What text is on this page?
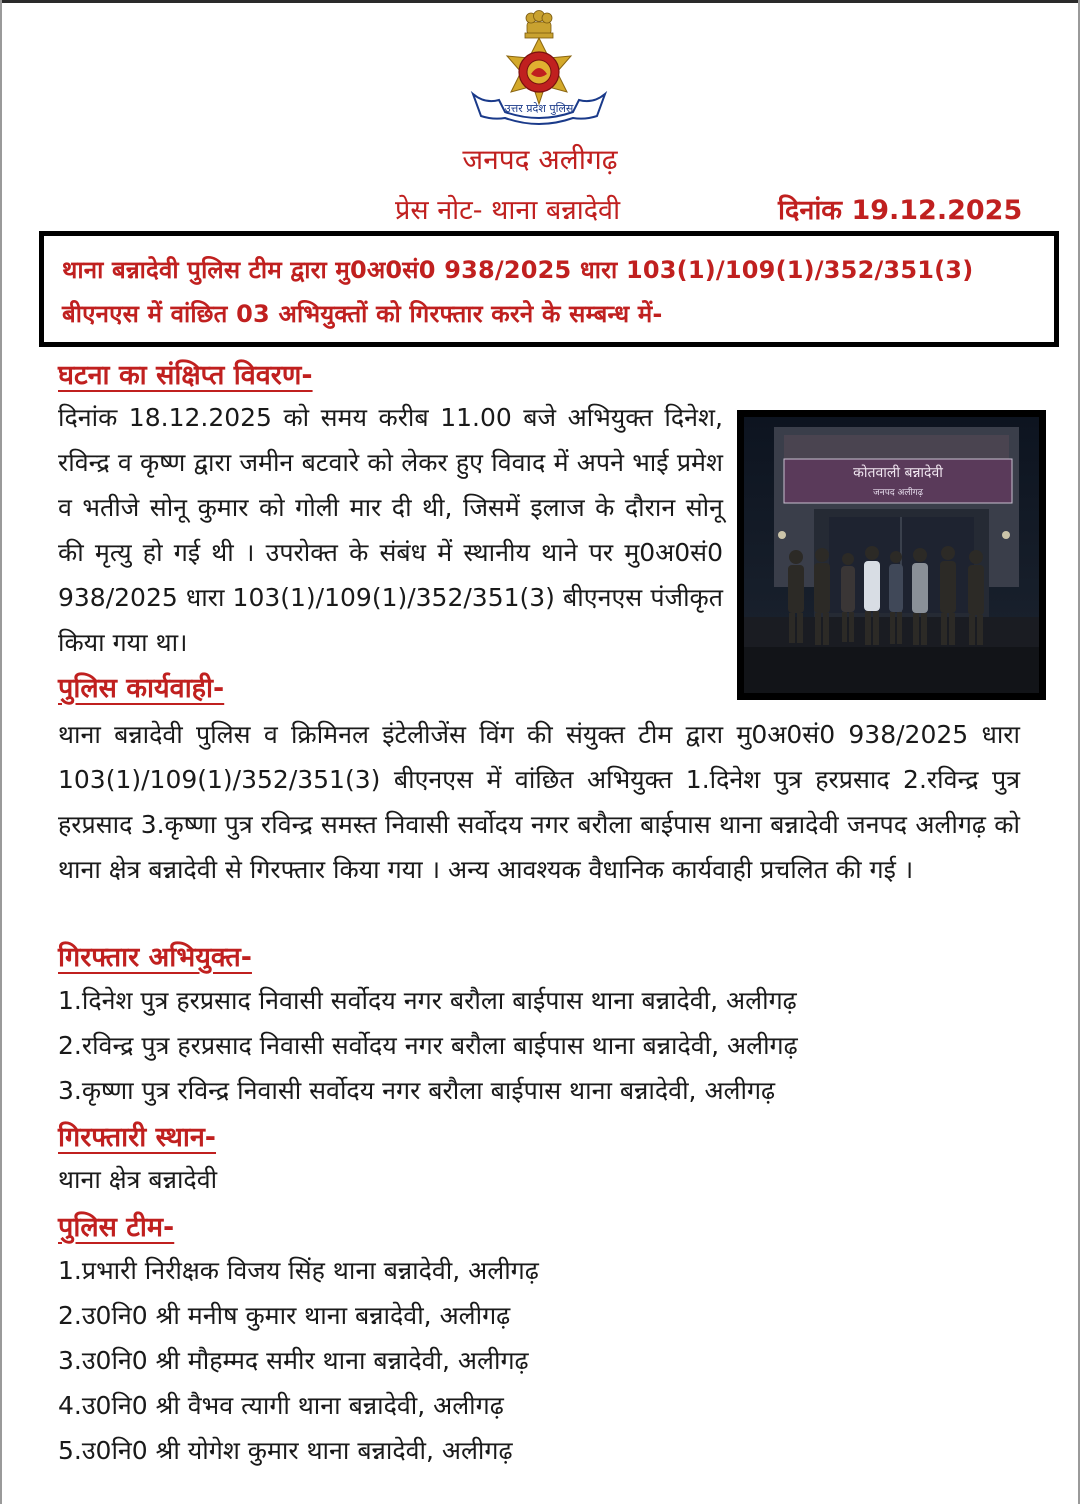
उत्तर प्रदेश पुलिस
जनपद अलीगढ़
प्रेस नोट- थाना बन्नादेवी	दिनांक 19.12.2025
थाना बन्नादेवी पुलिस टीम द्वारा मु0अ0सं0 938/2025 धारा 103(1)/109(1)/352/351(3) बीएनएस में वांछित 03 अभियुक्तों को गिरफ्तार करने के सम्बन्ध में-
घटना का संक्षिप्त विवरण-
दिनांक 18.12.2025 को समय करीब 11.00 बजे अभियुक्त दिनेश, रविन्द्र व कृष्ण द्वारा जमीन बटवारे को लेकर हुए विवाद में अपने भाई प्रमेश व भतीजे सोनू कुमार को गोली मार दी थी, जिसमें इलाज के दौरान सोनू की मृत्यु हो गई थी । उपरोक्त के संबंध में स्थानीय थाने पर मु0अ0सं0 938/2025 धारा 103(1)/109(1)/352/351(3) बीएनएस पंजीकृत किया गया था।
कोतवाली बन्नादेवी
जनपद अलीगढ़
पुलिस कार्यवाही-
थाना बन्नादेवी पुलिस व क्रिमिनल इंटेलीजेंस विंग की संयुक्त टीम द्वारा मु0अ0सं0 938/2025 धारा 103(1)/109(1)/352/351(3) बीएनएस में वांछित अभियुक्त 1.दिनेश पुत्र हरप्रसाद 2.रविन्द्र पुत्र हरप्रसाद 3.कृष्णा पुत्र रविन्द्र समस्त निवासी सर्वोदय नगर बरौला बाईपास थाना बन्नादेवी जनपद अलीगढ़ को थाना क्षेत्र बन्नादेवी से गिरफ्तार किया गया । अन्य आवश्यक वैधानिक कार्यवाही प्रचलित की गई ।
गिरफ्तार अभियुक्त-
1.दिनेश पुत्र हरप्रसाद निवासी सर्वोदय नगर बरौला बाईपास थाना बन्नादेवी, अलीगढ़
2.रविन्द्र पुत्र हरप्रसाद निवासी सर्वोदय नगर बरौला बाईपास थाना बन्नादेवी, अलीगढ़
3.कृष्णा पुत्र रविन्द्र निवासी सर्वोदय नगर बरौला बाईपास थाना बन्नादेवी, अलीगढ़
गिरफ्तारी स्थान-
थाना क्षेत्र बन्नादेवी
पुलिस टीम-
1.प्रभारी निरीक्षक विजय सिंह थाना बन्नादेवी, अलीगढ़
2.उ0नि0 श्री मनीष कुमार थाना बन्नादेवी, अलीगढ़
3.उ0नि0 श्री मौहम्मद समीर थाना बन्नादेवी, अलीगढ़
4.उ0नि0 श्री वैभव त्यागी थाना बन्नादेवी, अलीगढ़
5.उ0नि0 श्री योगेश कुमार थाना बन्नादेवी, अलीगढ़
